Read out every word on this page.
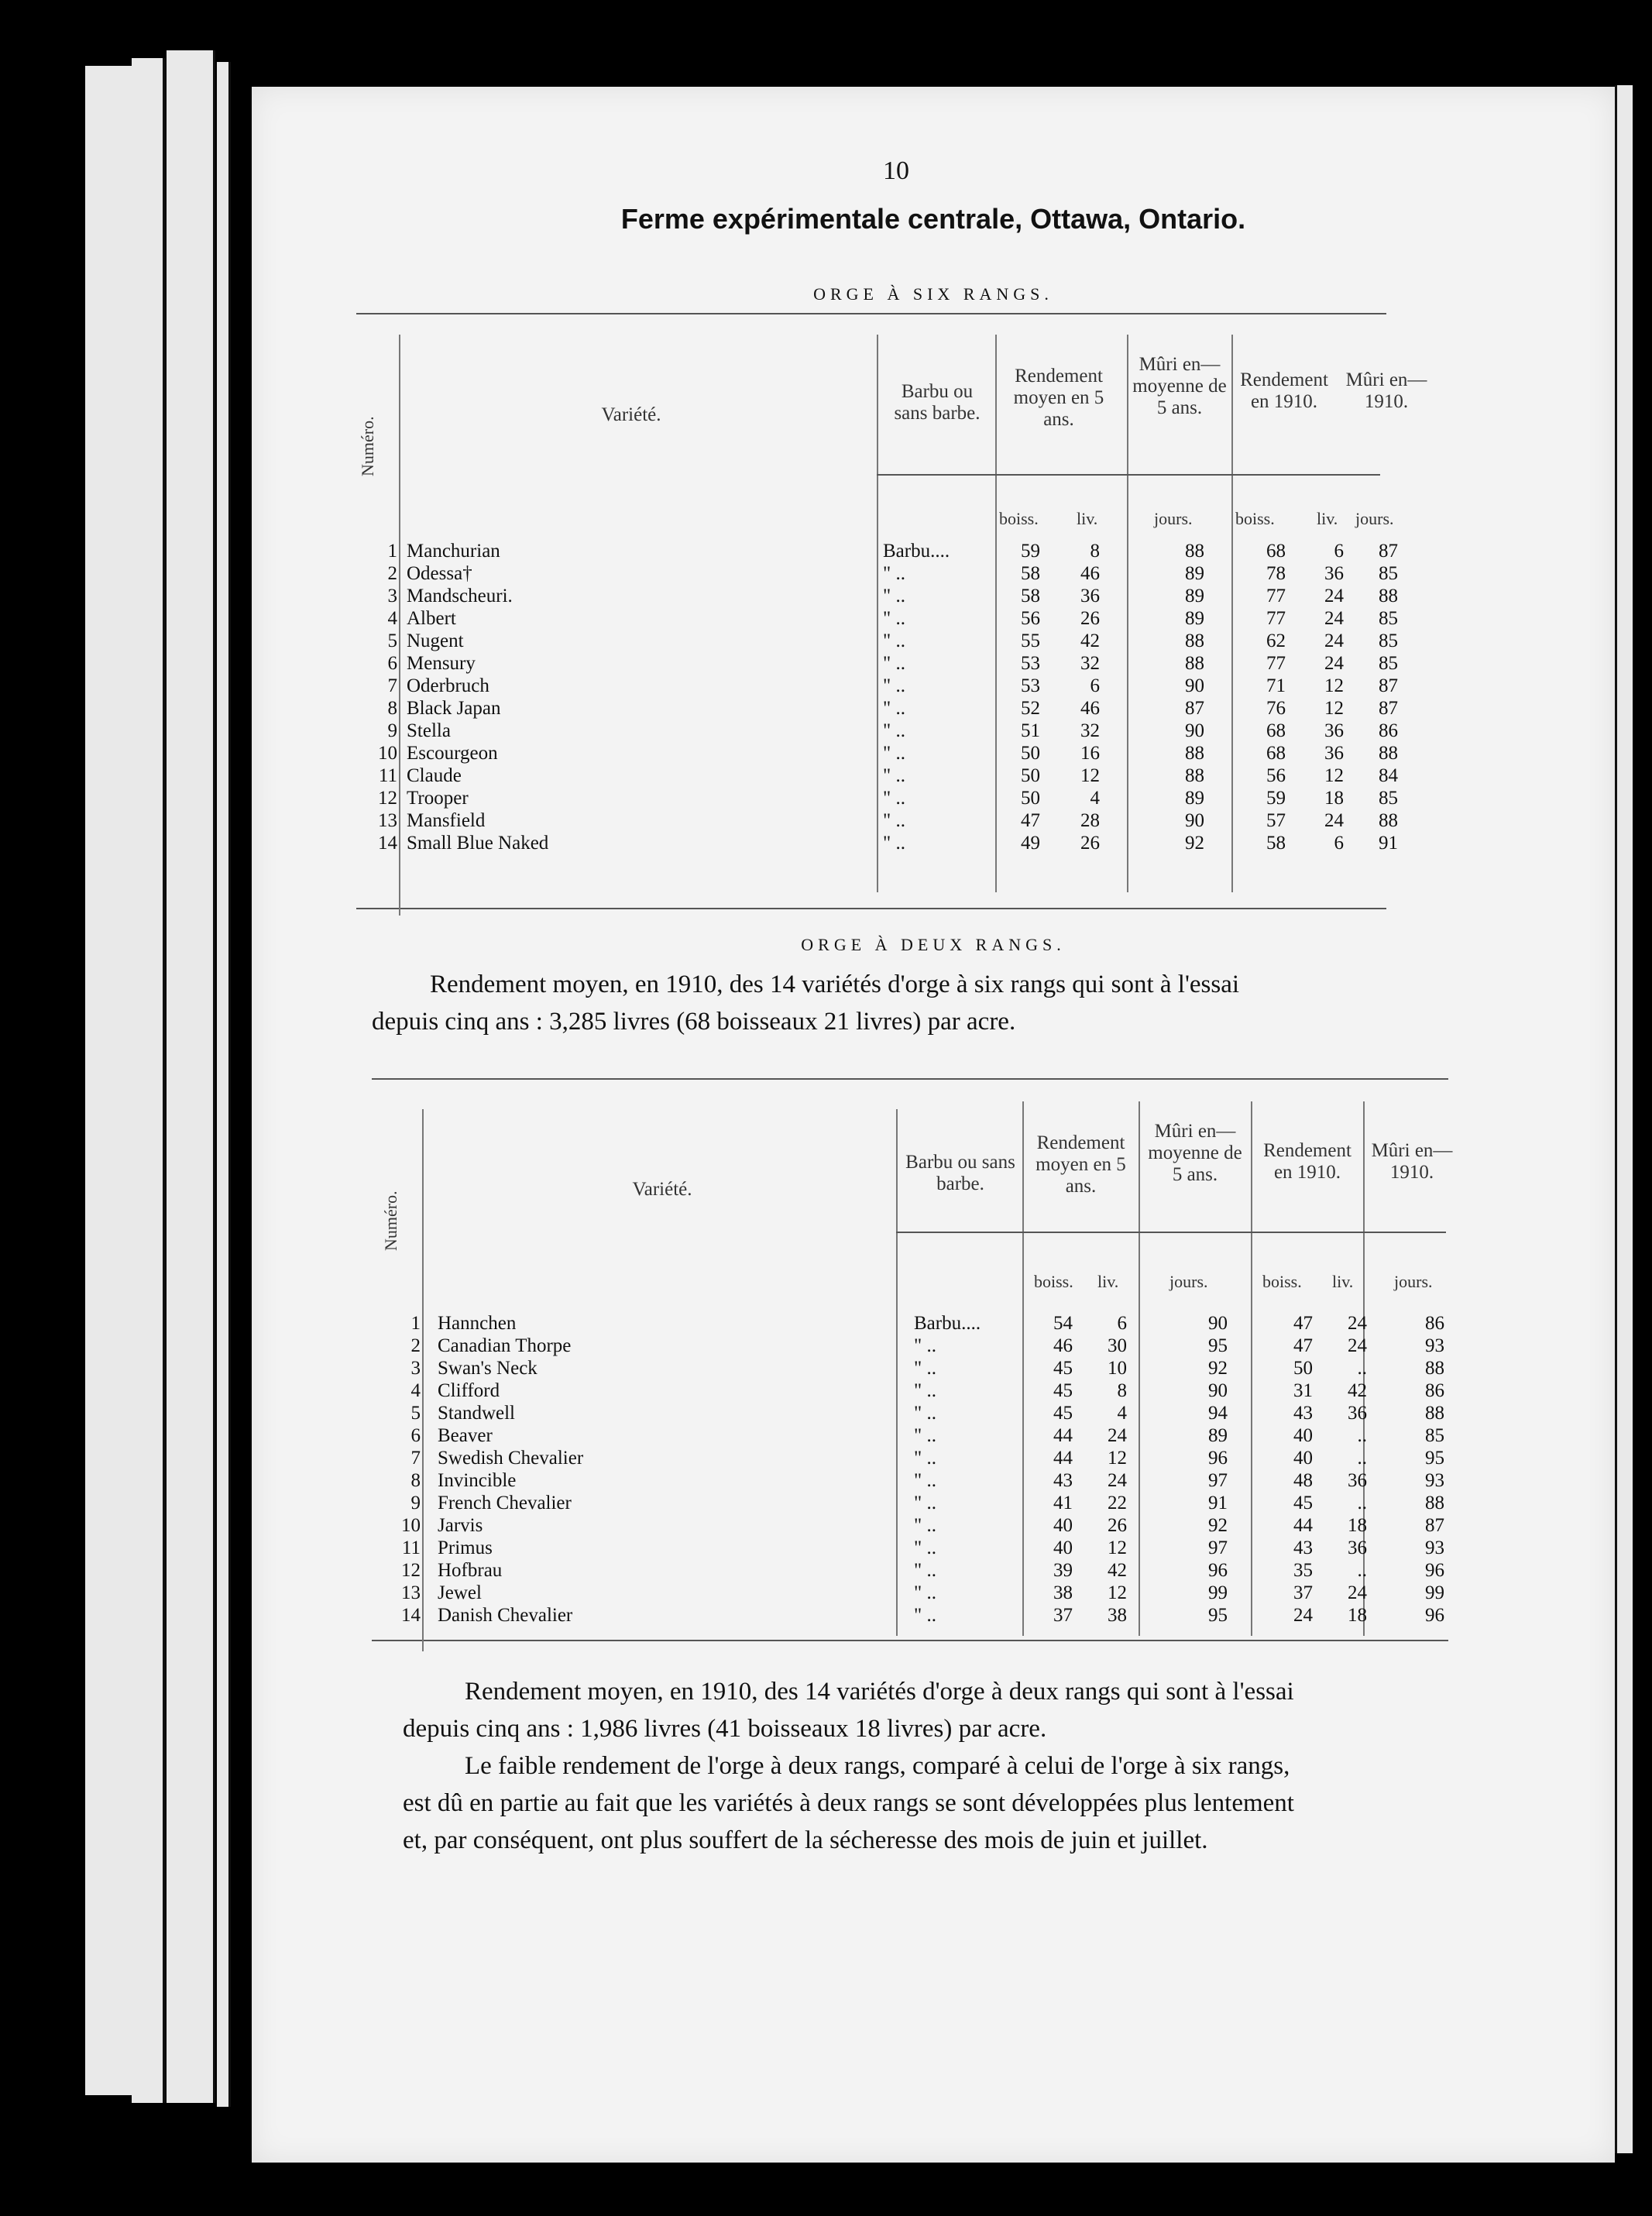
10
Ferme expérimentale centrale, Ottawa, Ontario.
ORGE À SIX RANGS.
Numéro.
Variété.
Barbu ou sans barbe.
Rendement moyen en 5 ans.
Mûri en— moyenne de 5 ans.
Rendement en 1910.
Mûri en— 1910.
boiss. liv.	jours.	boiss. liv. jours.
1 Manchurian	Barbu....	59	8	88	68	6	87
2 Odessa†	" ..	58	46	89	78	36	85
3 Mandscheuri.	" ..	58	36	89	77	24	88
4 Albert	" ..	56	26	89	77	24	85
5 Nugent	" ..	55	42	88	62	24	85
6 Mensury	" ..	53	32	88	77	24	85
7 Oderbruch	" ..	53	6	90	71	12	87
8 Black Japan	" ..	52	46	87	76	12	87
9 Stella	" ..	51	32	90	68	36	86
10 Escourgeon	" ..	50	16	88	68	36	88
11 Claude	" ..	50	12	88	56	12	84
12 Trooper	" ..	50	4	89	59	18	85
13 Mansfield	" ..	47	28	90	57	24	88
14 Small Blue Naked	" ..	49	26	92	58	6	91
ORGE À DEUX RANGS.
Rendement moyen, en 1910, des 14 variétés d'orge à six rangs qui sont à l'essai
depuis cinq ans : 3,285 livres (68 boisseaux 21 livres) par acre.
Numéro.
Variété.
Barbu ou sans barbe.
Rendement moyen en 5 ans.
Mûri en— moyenne de 5 ans.
Rendement en 1910.
Mûri en— 1910.
boiss. liv.	jours.	boiss. liv. jours.
1 Hannchen	Barbu....	54	6	90	47	24	86
2 Canadian Thorpe	" ..	46	30	95	47	24	93
3 Swan's Neck	" ..	45	10	92	50	..	88
4 Clifford	" ..	45	8	90	31	42	86
5 Standwell	" ..	45	4	94	43	36	88
6 Beaver	" ..	44	24	89	40	..	85
7 Swedish Chevalier	" ..	44	12	96	40	..	95
8 Invincible	" ..	43	24	97	48	36	93
9 French Chevalier	" ..	41	22	91	45	..	88
10 Jarvis	" ..	40	26	92	44	18	87
11 Primus	" ..	40	12	97	43	36	93
12 Hofbrau	" ..	39	42	96	35	..	96
13 Jewel	" ..	38	12	99	37	24	99
14 Danish Chevalier	" ..	37	38	95	24	18	96
Rendement moyen, en 1910, des 14 variétés d'orge à deux rangs qui sont à l'essai
depuis cinq ans : 1,986 livres (41 boisseaux 18 livres) par acre.
Le faible rendement de l'orge à deux rangs, comparé à celui de l'orge à six rangs,
est dû en partie au fait que les variétés à deux rangs se sont développées plus lentement
et, par conséquent, ont plus souffert de la sécheresse des mois de juin et juillet.
